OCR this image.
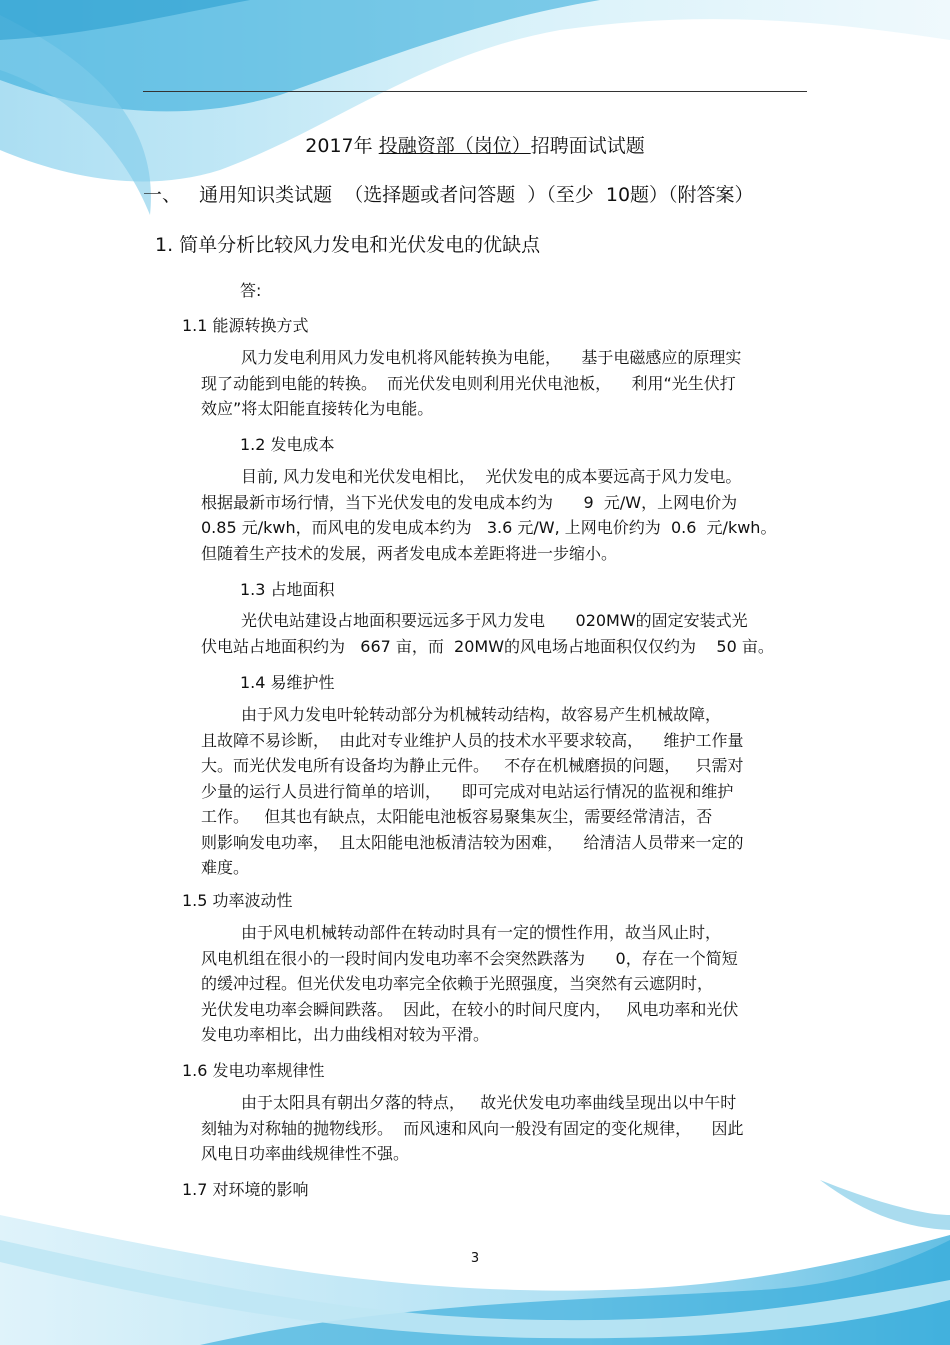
2017年 投融资部（岗位）招聘面试试题
一、   通用知识类试题  （选择题或者问答题  ）（至少  10题）（附答案）
1. 简单分析比较风力发电和光伏发电的优缺点
答:
1.1 能源转换方式
风力发电利用风力发电机将风能转换为电能，    基于电磁感应的原理实
现了动能到电能的转换。  而光伏发电则利用光伏电池板，    利用“光生伏打
效应”将太阳能直接转化为电能。
1.2 发电成本
目前, 风力发电和光伏发电相比，  光伏发电的成本要远高于风力发电。
根据最新市场行情，当下光伏发电的发电成本约为      9  元/W，上网电价为
0.85 元/kwh，而风电的发电成本约为   3.6 元/W, 上网电价约为  0.6  元/kwh。
但随着生产技术的发展，两者发电成本差距将进一步缩小。
1.3 占地面积
光伏电站建设占地面积要远远多于风力发电      020MW的固定安装式光
伏电站占地面积约为   667 亩，而  20MW的风电场占地面积仅仅约为    50 亩。
1.4 易维护性
由于风力发电叶轮转动部分为机械转动结构，故容易产生机械故障，
且故障不易诊断，  由此对专业维护人员的技术水平要求较高，    维护工作量
大。而光伏发电所有设备均为静止元件。   不存在机械磨损的问题，   只需对
少量的运行人员进行简单的培训，    即可完成对电站运行情况的监视和维护
工作。   但其也有缺点，太阳能电池板容易聚集灰尘，需要经常清洁，否
则影响发电功率，  且太阳能电池板清洁较为困难，    给清洁人员带来一定的
难度。
1.5 功率波动性
由于风电机械转动部件在转动时具有一定的惯性作用，故当风止时，
风电机组在很小的一段时间内发电功率不会突然跌落为      0，存在一个简短
的缓冲过程。但光伏发电功率完全依赖于光照强度，当突然有云遮阴时，
光伏发电功率会瞬间跌落。  因此，在较小的时间尺度内，   风电功率和光伏
发电功率相比，出力曲线相对较为平滑。
1.6 发电功率规律性
由于太阳具有朝出夕落的特点，   故光伏发电功率曲线呈现出以中午时
刻轴为对称轴的抛物线形。  而风速和风向一般没有固定的变化规律，    因此
风电日功率曲线规律性不强。
1.7 对环境的影响
3
